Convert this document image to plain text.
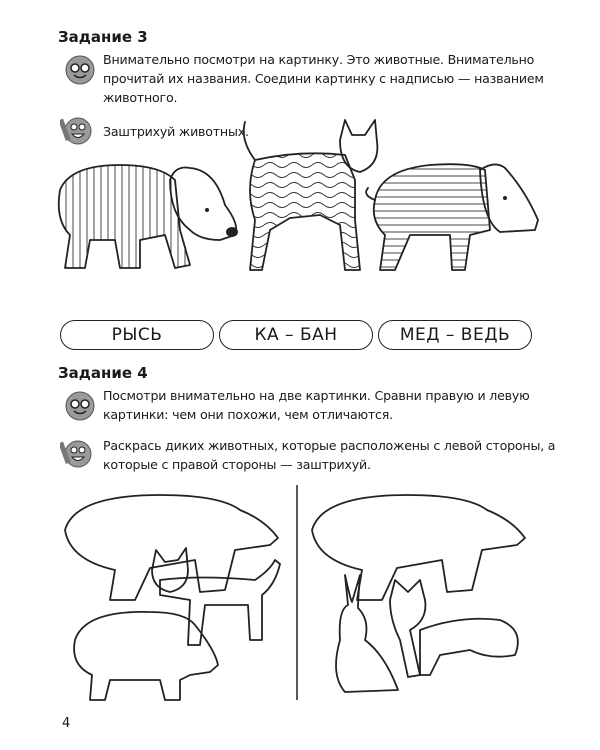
Задание 3
Внимательно посмотри на картинку. Это животные. Внимательно прочитай их названия. Соедини картинку с надписью — названием животного.
Заштрихуй животных.
РЫСЬ	КА – БАН	МЕД – ВЕДЬ
Задание 4
Посмотри внимательно на две картинки. Сравни правую и левую картинки: чем они похожи, чем отличаются.
Раскрась диких животных, которые расположены с левой стороны, а которые с правой стороны — заштрихуй.
4
